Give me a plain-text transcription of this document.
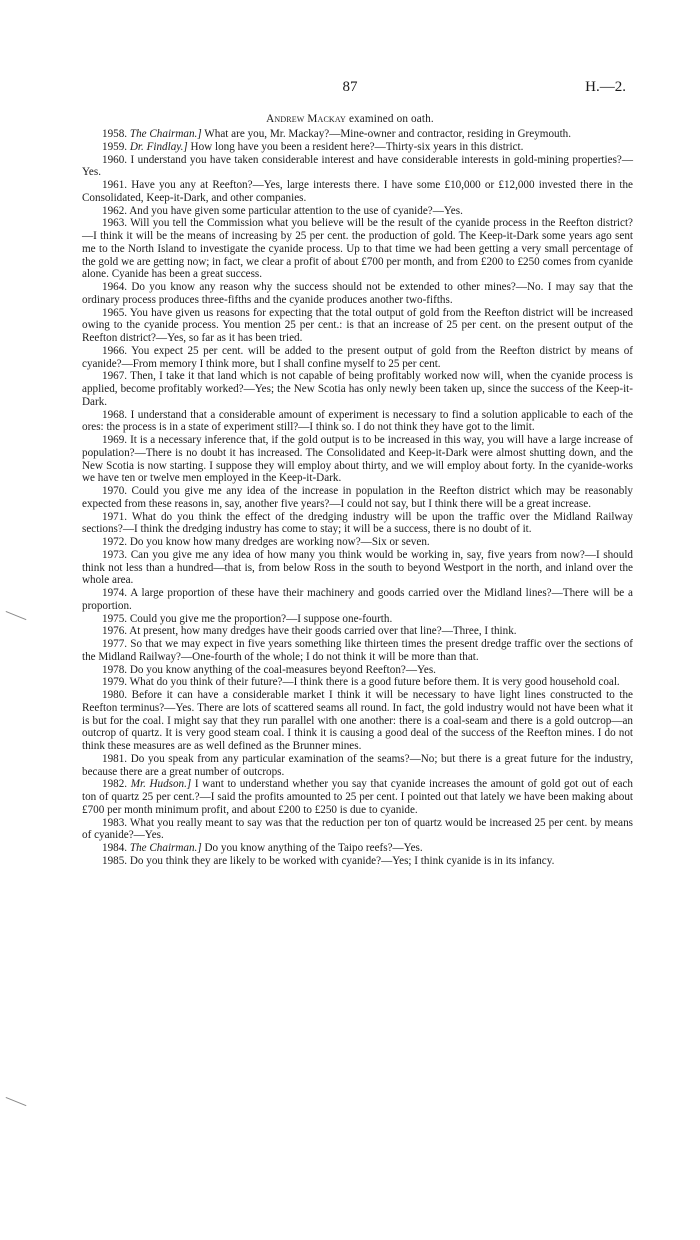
87	H.—2.

Andrew Mackay examined on oath.

1958. The Chairman.] What are you, Mr. Mackay?—Mine-owner and contractor, residing in Greymouth.

1959. Dr. Findlay.] How long have you been a resident here?—Thirty-six years in this district.

1960. I understand you have taken considerable interest and have considerable interests in gold-mining properties?—Yes.

1961. Have you any at Reefton?—Yes, large interests there. I have some £10,000 or £12,000 invested there in the Consolidated, Keep-it-Dark, and other companies.

1962. And you have given some particular attention to the use of cyanide?—Yes.

1963. Will you tell the Commission what you believe will be the result of the cyanide process in the Reefton district?—I think it will be the means of increasing by 25 per cent. the production of gold. The Keep-it-Dark some years ago sent me to the North Island to investigate the cyanide process. Up to that time we had been getting a very small percentage of the gold we are getting now; in fact, we clear a profit of about £700 per month, and from £200 to £250 comes from cyanide alone. Cyanide has been a great success.

1964. Do you know any reason why the success should not be extended to other mines?—No. I may say that the ordinary process produces three-fifths and the cyanide produces another two-fifths.

1965. You have given us reasons for expecting that the total output of gold from the Reefton district will be increased owing to the cyanide process. You mention 25 per cent.: is that an increase of 25 per cent. on the present output of the Reefton district?—Yes, so far as it has been tried.

1966. You expect 25 per cent. will be added to the present output of gold from the Reefton district by means of cyanide?—From memory I think more, but I shall confine myself to 25 per cent.

1967. Then, I take it that land which is not capable of being profitably worked now will, when the cyanide process is applied, become profitably worked?—Yes; the New Scotia has only newly been taken up, since the success of the Keep-it-Dark.

1968. I understand that a considerable amount of experiment is necessary to find a solution applicable to each of the ores: the process is in a state of experiment still?—I think so. I do not think they have got to the limit.

1969. It is a necessary inference that, if the gold output is to be increased in this way, you will have a large increase of population?—There is no doubt it has increased. The Consolidated and Keep-it-Dark were almost shutting down, and the New Scotia is now starting. I suppose they will employ about thirty, and we will employ about forty. In the cyanide-works we have ten or twelve men employed in the Keep-it-Dark.

1970. Could you give me any idea of the increase in population in the Reefton district which may be reasonably expected from these reasons in, say, another five years?—I could not say, but I think there will be a great increase.

1971. What do you think the effect of the dredging industry will be upon the traffic over the Midland Railway sections?—I think the dredging industry has come to stay; it will be a success, there is no doubt of it.

1972. Do you know how many dredges are working now?—Six or seven.

1973. Can you give me any idea of how many you think would be working in, say, five years from now?—I should think not less than a hundred—that is, from below Ross in the south to beyond Westport in the north, and inland over the whole area.

1974. A large proportion of these have their machinery and goods carried over the Midland lines?—There will be a proportion.

1975. Could you give me the proportion?—I suppose one-fourth.

1976. At present, how many dredges have their goods carried over that line?—Three, I think.

1977. So that we may expect in five years something like thirteen times the present dredge traffic over the sections of the Midland Railway?—One-fourth of the whole; I do not think it will be more than that.

1978. Do you know anything of the coal-measures beyond Reefton?—Yes.

1979. What do you think of their future?—I think there is a good future before them. It is very good household coal.

1980. Before it can have a considerable market I think it will be necessary to have light lines constructed to the Reefton terminus?—Yes. There are lots of scattered seams all round. In fact, the gold industry would not have been what it is but for the coal. I might say that they run parallel with one another: there is a coal-seam and there is a gold outcrop—an outcrop of quartz. It is very good steam coal. I think it is causing a good deal of the success of the Reefton mines. I do not think these measures are as well defined as the Brunner mines.

1981. Do you speak from any particular examination of the seams?—No; but there is a great future for the industry, because there are a great number of outcrops.

1982. Mr. Hudson.] I want to understand whether you say that cyanide increases the amount of gold got out of each ton of quartz 25 per cent.?—I said the profits amounted to 25 per cent. I pointed out that lately we have been making about £700 per month minimum profit, and about £200 to £250 is due to cyanide.

1983. What you really meant to say was that the reduction per ton of quartz would be increased 25 per cent. by means of cyanide?—Yes.

1984. The Chairman.] Do you know anything of the Taipo reefs?—Yes.

1985. Do you think they are likely to be worked with cyanide?—Yes; I think cyanide is in its infancy.
